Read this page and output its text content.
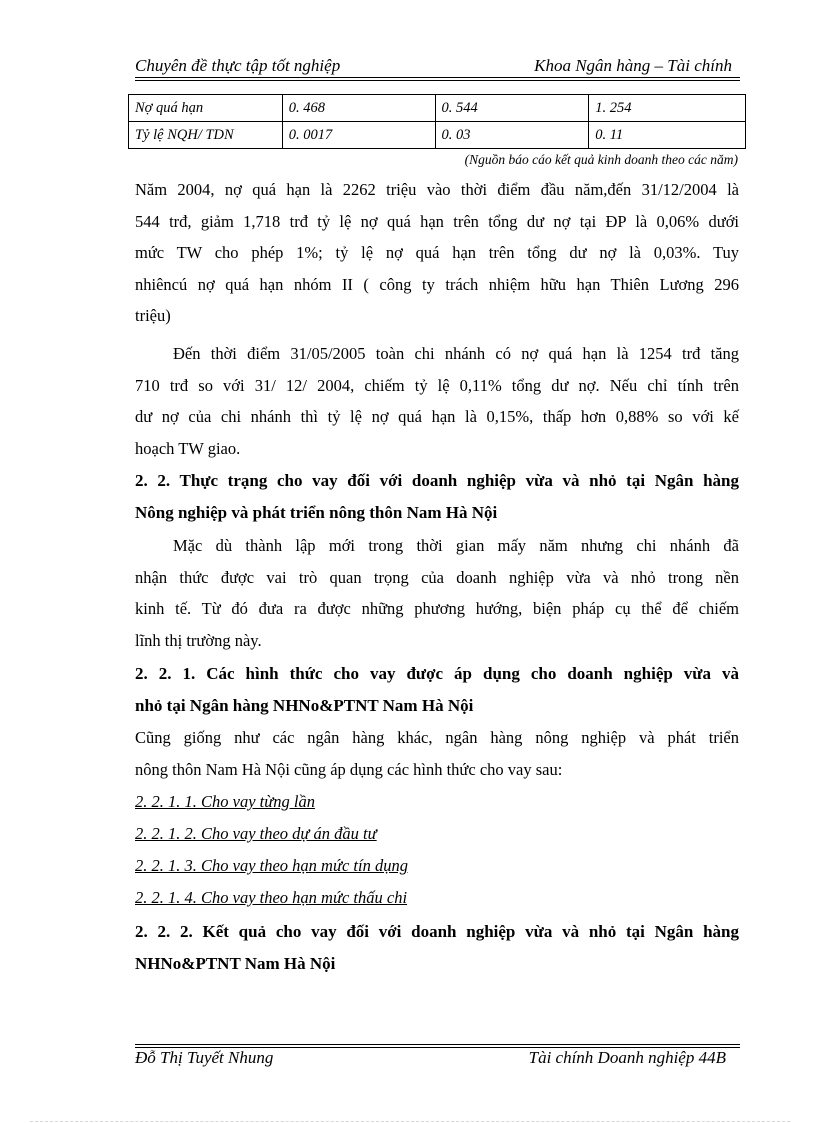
Chuyên đề thực tập tốt nghiệp	Khoa Ngân hàng – Tài chính
Nợ quá hạn	0. 468	0. 544	1. 254
Tỷ lệ NQH/ TDN	0. 0017	0. 03	0. 11
(Nguồn báo cáo kết quả kinh doanh theo các năm)
Năm 2004, nợ quá hạn là 2262 triệu vào thời điểm đầu năm,đến 31/12/2004 là
544 trđ, giảm 1,718 trđ tỷ lệ nợ quá hạn trên tổng dư nợ tại ĐP là 0,06% dưới
mức TW cho phép 1%; tỷ lệ nợ quá hạn trên tổng dư nợ là 0,03%. Tuy
nhiêncú nợ quá hạn nhóm II ( công ty trách nhiệm hữu hạn Thiên Lương 296
triệu)
Đến thời điểm 31/05/2005 toàn chi nhánh có nợ quá hạn là 1254 trđ tăng
710 trđ so với 31/ 12/ 2004, chiếm tỷ lệ 0,11% tổng dư nợ. Nếu chỉ tính trên
dư nợ của chi nhánh thì tỷ lệ nợ quá hạn là 0,15%, thấp hơn 0,88% so với kế
hoạch TW giao.
2. 2. Thực trạng cho vay đối với doanh nghiệp vừa và nhỏ tại Ngân hàng
Nông nghiệp và phát triển nông thôn Nam Hà Nội
Mặc dù thành lập mới trong thời gian mấy năm nhưng chi nhánh đã
nhận thức được vai trò quan trọng của doanh nghiệp vừa và nhỏ trong nền
kinh tế. Từ đó đưa ra được những phương hướng, biện pháp cụ thể để chiếm
lĩnh thị trường này.
2. 2. 1. Các hình thức cho vay được áp dụng cho doanh nghiệp vừa và
nhỏ tại Ngân hàng NHNo&PTNT Nam Hà Nội
Cũng giống như các ngân hàng khác, ngân hàng nông nghiệp và phát triển
nông thôn Nam Hà Nội cũng áp dụng các hình thức cho vay sau:
2. 2. 1. 1. Cho vay từng lần
2. 2. 1. 2. Cho vay theo dự án đầu tư
2. 2. 1. 3. Cho vay theo hạn mức tín dụng
2. 2. 1. 4. Cho vay theo hạn mức thấu chi
2. 2. 2. Kết quả cho vay đối với doanh nghiệp vừa và nhỏ tại Ngân hàng
NHNo&PTNT Nam Hà Nội
Đỗ Thị Tuyết Nhung	Tài chính Doanh nghiệp 44B
